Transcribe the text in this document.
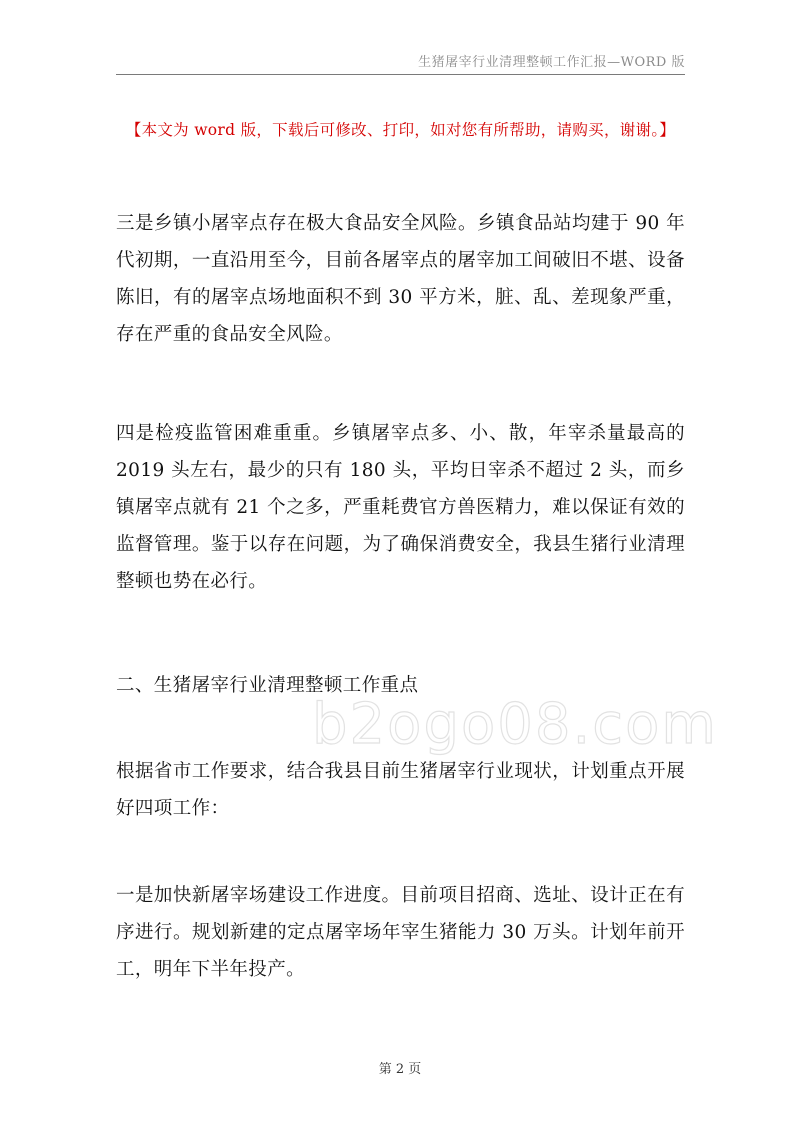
生猪屠宰行业清理整顿工作汇报—WORD 版
【本文为 word 版，下载后可修改、打印，如对您有所帮助，请购买，谢谢。】
三是乡镇小屠宰点存在极大食品安全风险。乡镇食品站均建于 90 年代初期，一直沿用至今，目前各屠宰点的屠宰加工间破旧不堪、设备陈旧，有的屠宰点场地面积不到 30 平方米，脏、乱、差现象严重，存在严重的食品安全风险。
四是检疫监管困难重重。乡镇屠宰点多、小、散，年宰杀量最高的 2019 头左右，最少的只有 180 头，平均日宰杀不超过 2 头，而乡镇屠宰点就有 21 个之多，严重耗费官方兽医精力，难以保证有效的监督管理。鉴于以存在问题，为了确保消费安全，我县生猪行业清理整顿也势在必行。
二、生猪屠宰行业清理整顿工作重点
根据省市工作要求，结合我县目前生猪屠宰行业现状，计划重点开展好四项工作：
一是加快新屠宰场建设工作进度。目前项目招商、选址、设计正在有序进行。规划新建的定点屠宰场年宰生猪能力 30 万头。计划年前开工，明年下半年投产。
b2ogo08.com
第 2 页
